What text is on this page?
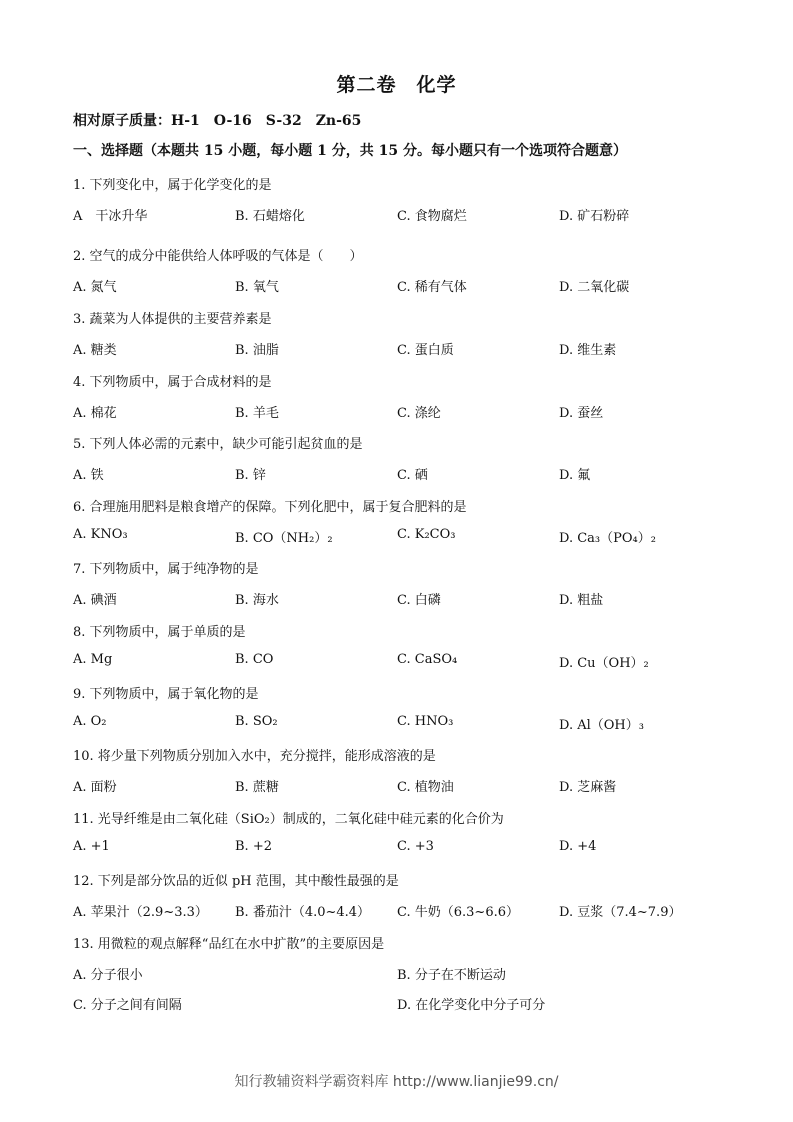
第二卷　化学
相对原子质量：H-1　O-16　S-32　Zn-65
一、选择题（本题共 15 小题，每小题 1 分，共 15 分。每小题只有一个选项符合题意）
1. 下列变化中，属于化学变化的是
A　干冰升华	B. 石蜡熔化	C. 食物腐烂	D. 矿石粉碎
2. 空气的成分中能供给人体呼吸的气体是（　　）
A. 氮气	B. 氧气	C. 稀有气体	D. 二氧化碳
3. 蔬菜为人体提供的主要营养素是
A. 糖类	B. 油脂	C. 蛋白质	D. 维生素
4. 下列物质中，属于合成材料的是
A. 棉花	B. 羊毛	C. 涤纶	D. 蚕丝
5. 下列人体必需的元素中，缺少可能引起贫血的是
A. 铁	B. 锌	C. 硒	D. 氟
6. 合理施用肥料是粮食增产的保障。下列化肥中，属于复合肥料的是
A. KNO₃	B. CO（NH₂）₂	C. K₂CO₃	D. Ca₃（PO₄）₂
7. 下列物质中，属于纯净物的是
A. 碘酒	B. 海水	C. 白磷	D. 粗盐
8. 下列物质中，属于单质的是
A. Mg	B. CO	C. CaSO₄	D. Cu（OH）₂
9. 下列物质中，属于氧化物的是
A. O₂	B. SO₂	C. HNO₃	D. Al（OH）₃
10. 将少量下列物质分别加入水中，充分搅拌，能形成溶液的是
A. 面粉	B. 蔗糖	C. 植物油	D. 芝麻酱
11. 光导纤维是由二氧化硅（SiO₂）制成的，二氧化硅中硅元素的化合价为
A. +1	B. +2	C. +3	D. +4
12. 下列是部分饮品的近似 pH 范围，其中酸性最强的是
A. 苹果汁（2.9~3.3） B. 番茄汁（4.0~4.4） C. 牛奶（6.3~6.6）	D. 豆浆（7.4~7.9）
13. 用微粒的观点解释“品红在水中扩散”的主要原因是
A. 分子很小	B. 分子在不断运动
C. 分子之间有间隔	D. 在化学变化中分子可分
知行教辅资料学霸资料库 http://www.lianjie99.cn/
